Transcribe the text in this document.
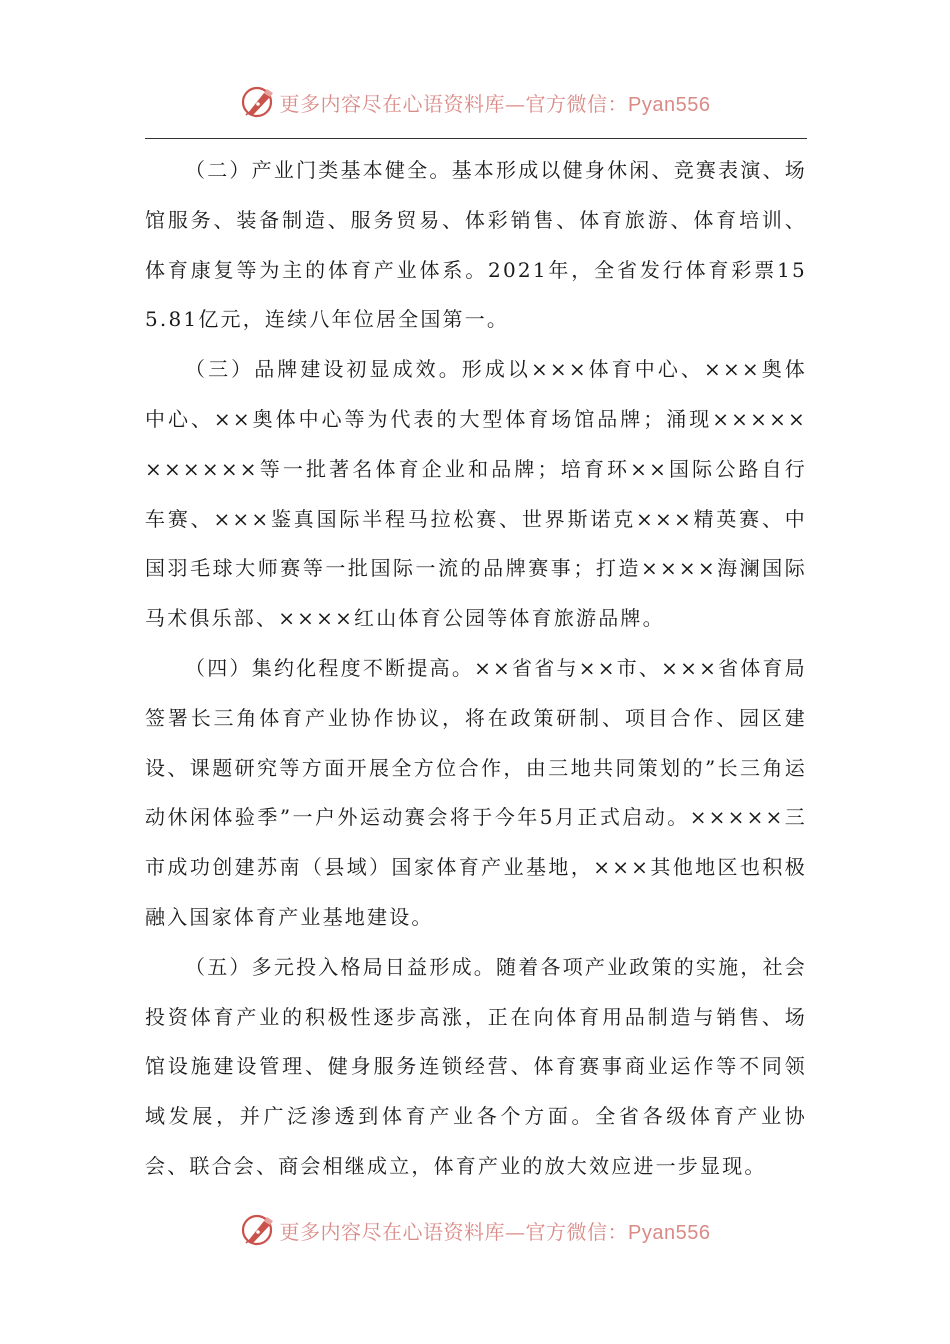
更多内容尽在心语资料库—官方微信：Pyan556

（二）产业门类基本健全。基本形成以健身休闲、竞赛表演、场馆服务、装备制造、服务贸易、体彩销售、体育旅游、体育培训、体育康复等为主的体育产业体系。2021年，全省发行体育彩票155.81亿元，连续八年位居全国第一。

（三）品牌建设初显成效。形成以×××体育中心、×××奥体中心、××奥体中心等为代表的大型体育场馆品牌；涌现×××××××××××等一批著名体育企业和品牌；培育环××国际公路自行车赛、×××鉴真国际半程马拉松赛、世界斯诺克×××精英赛、中国羽毛球大师赛等一批国际一流的品牌赛事；打造××××海澜国际马术俱乐部、××××红山体育公园等体育旅游品牌。

（四）集约化程度不断提高。××省省与××市、×××省体育局签署长三角体育产业协作协议，将在政策研制、项目合作、园区建设、课题研究等方面开展全方位合作，由三地共同策划的”长三角运动休闲体验季”一户外运动赛会将于今年5月正式启动。×××××三市成功创建苏南（县域）国家体育产业基地，×××其他地区也积极融入国家体育产业基地建设。

（五）多元投入格局日益形成。随着各项产业政策的实施，社会投资体育产业的积极性逐步高涨，正在向体育用品制造与销售、场馆设施建设管理、健身服务连锁经营、体育赛事商业运作等不同领域发展，并广泛渗透到体育产业各个方面。全省各级体育产业协会、联合会、商会相继成立，体育产业的放大效应进一步显现。

更多内容尽在心语资料库—官方微信：Pyan556
